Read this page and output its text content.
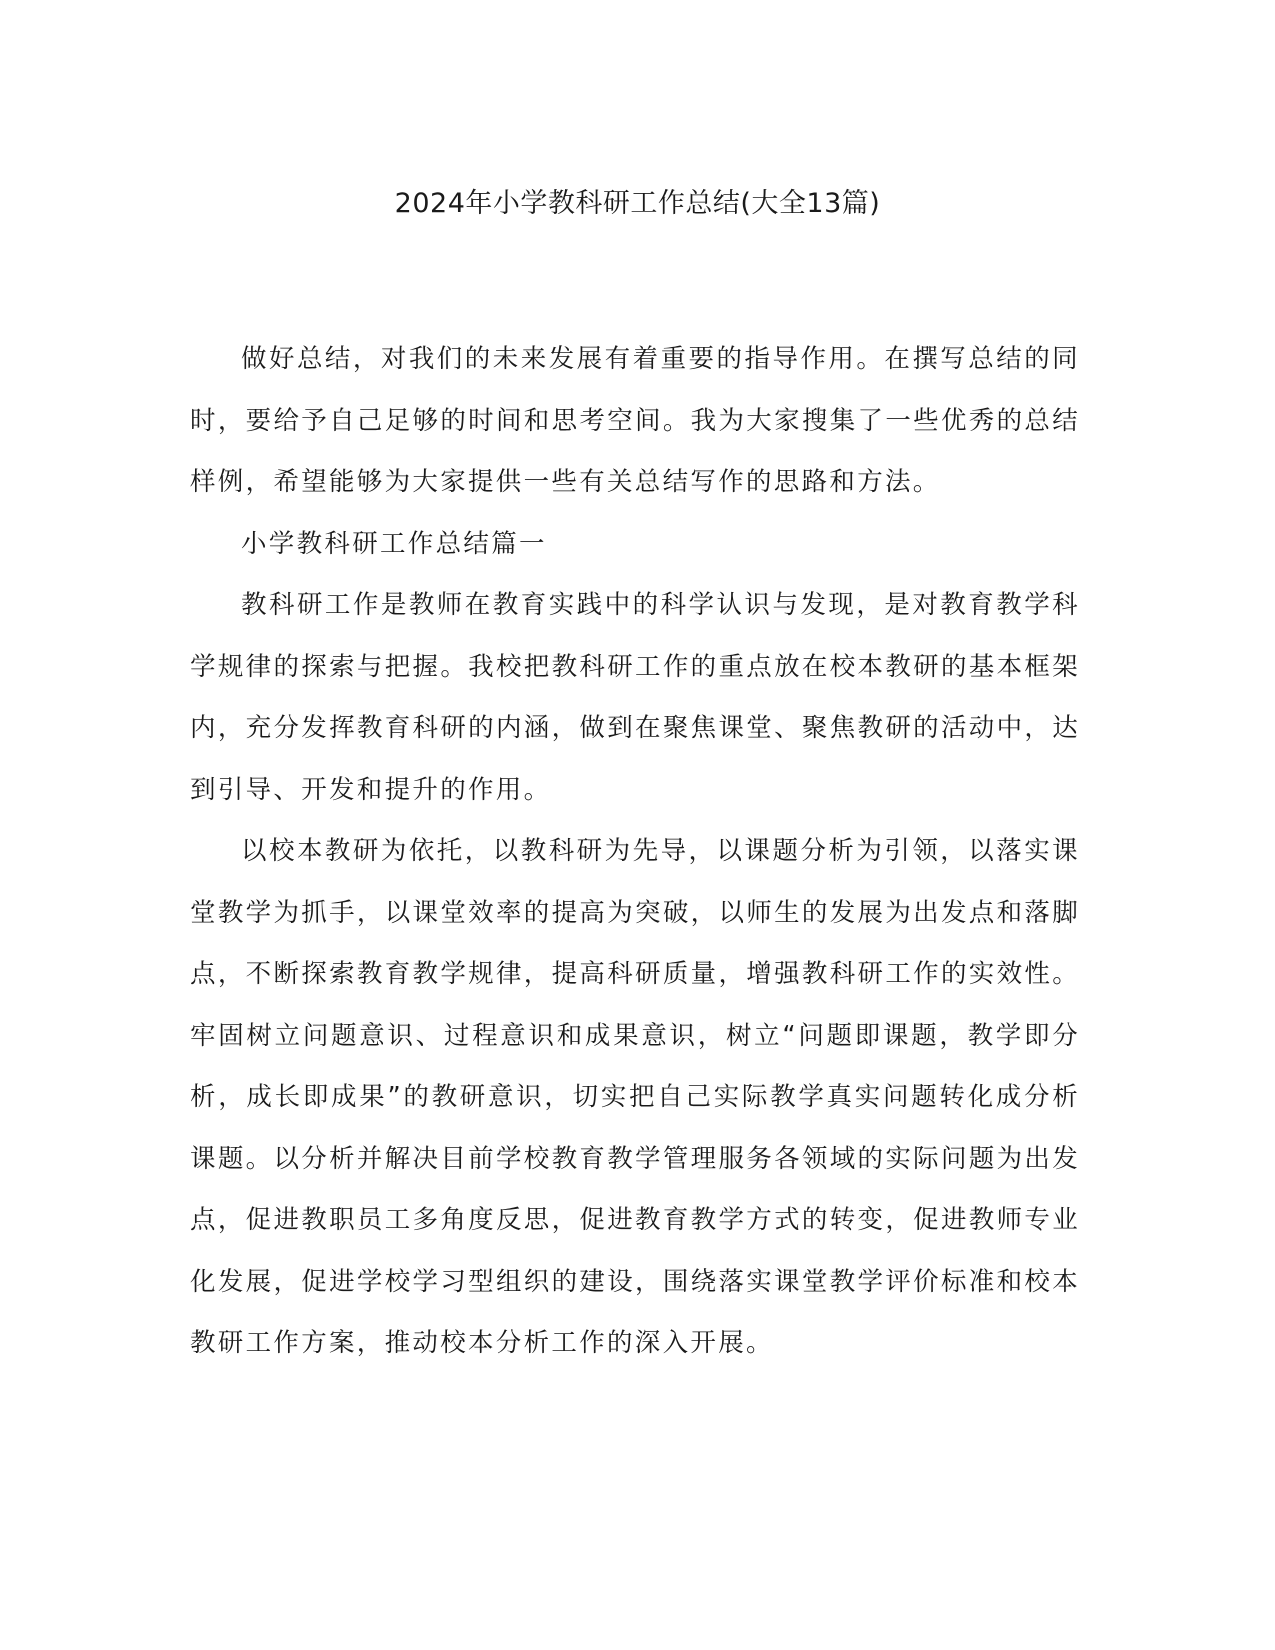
2024年小学教科研工作总结(大全13篇)

做好总结，对我们的未来发展有着重要的指导作用。在撰写总结的同时，要给予自己足够的时间和思考空间。我为大家搜集了一些优秀的总结样例，希望能够为大家提供一些有关总结写作的思路和方法。

小学教科研工作总结篇一

教科研工作是教师在教育实践中的科学认识与发现，是对教育教学科学规律的探索与把握。我校把教科研工作的重点放在校本教研的基本框架内，充分发挥教育科研的内涵，做到在聚焦课堂、聚焦教研的活动中，达到引导、开发和提升的作用。

以校本教研为依托，以教科研为先导，以课题分析为引领，以落实课堂教学为抓手，以课堂效率的提高为突破，以师生的发展为出发点和落脚点，不断探索教育教学规律，提高科研质量，增强教科研工作的实效性。牢固树立问题意识、过程意识和成果意识，树立“问题即课题，教学即分析，成长即成果”的教研意识，切实把自己实际教学真实问题转化成分析课题。以分析并解决目前学校教育教学管理服务各领域的实际问题为出发点，促进教职员工多角度反思，促进教育教学方式的转变，促进教师专业化发展，促进学校学习型组织的建设，围绕落实课堂教学评价标准和校本教研工作方案，推动校本分析工作的深入开展。
